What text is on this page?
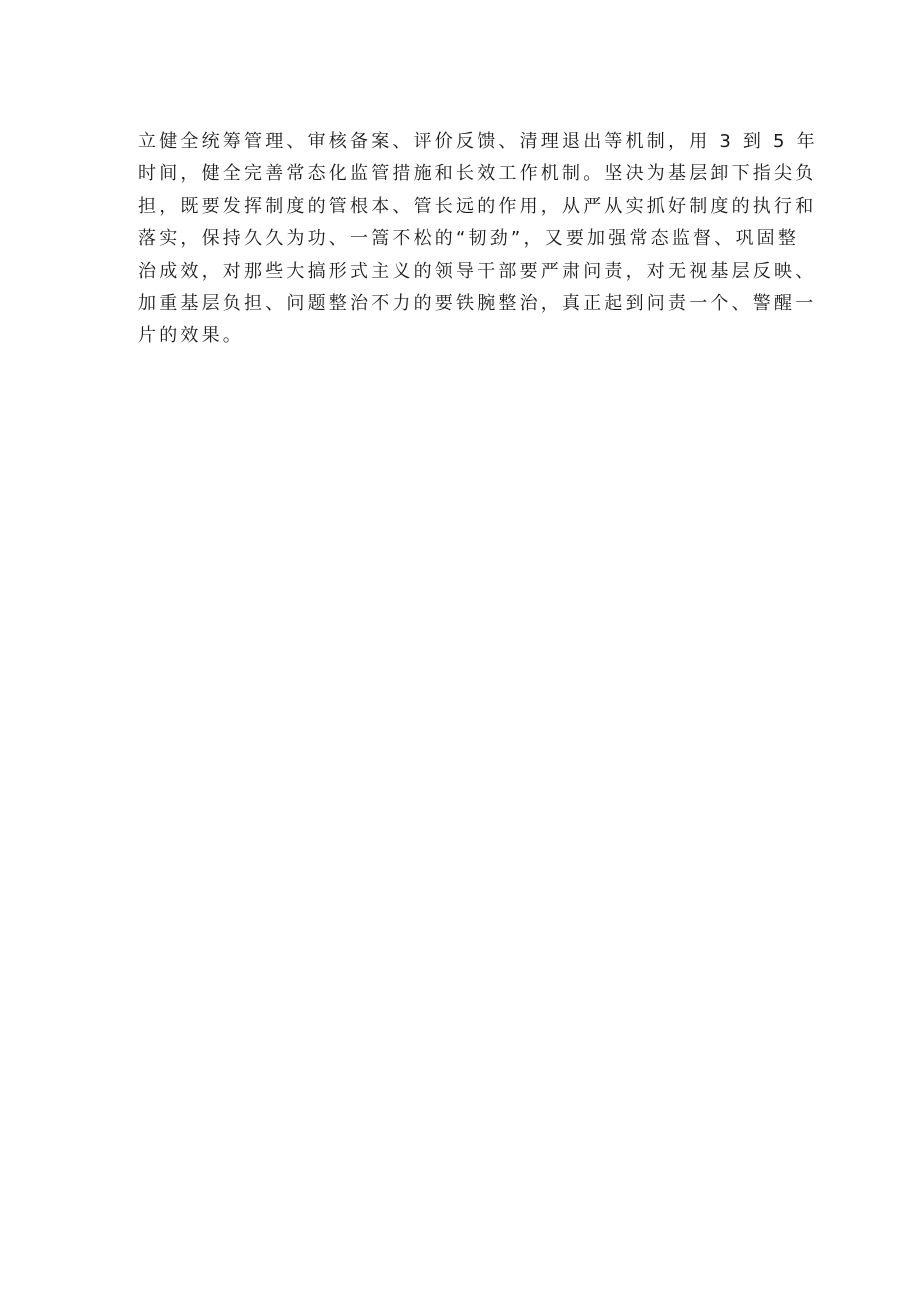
立健全统筹管理、审核备案、评价反馈、清理退出等机制，用 3 到 5 年
时间，健全完善常态化监管措施和长效工作机制。坚决为基层卸下指尖负
担，既要发挥制度的管根本、管长远的作用，从严从实抓好制度的执行和
落实，保持久久为功、一篙不松的“韧劲”，又要加强常态监督、巩固整
治成效，对那些大搞形式主义的领导干部要严肃问责，对无视基层反映、
加重基层负担、问题整治不力的要铁腕整治，真正起到问责一个、警醒一
片的效果。
